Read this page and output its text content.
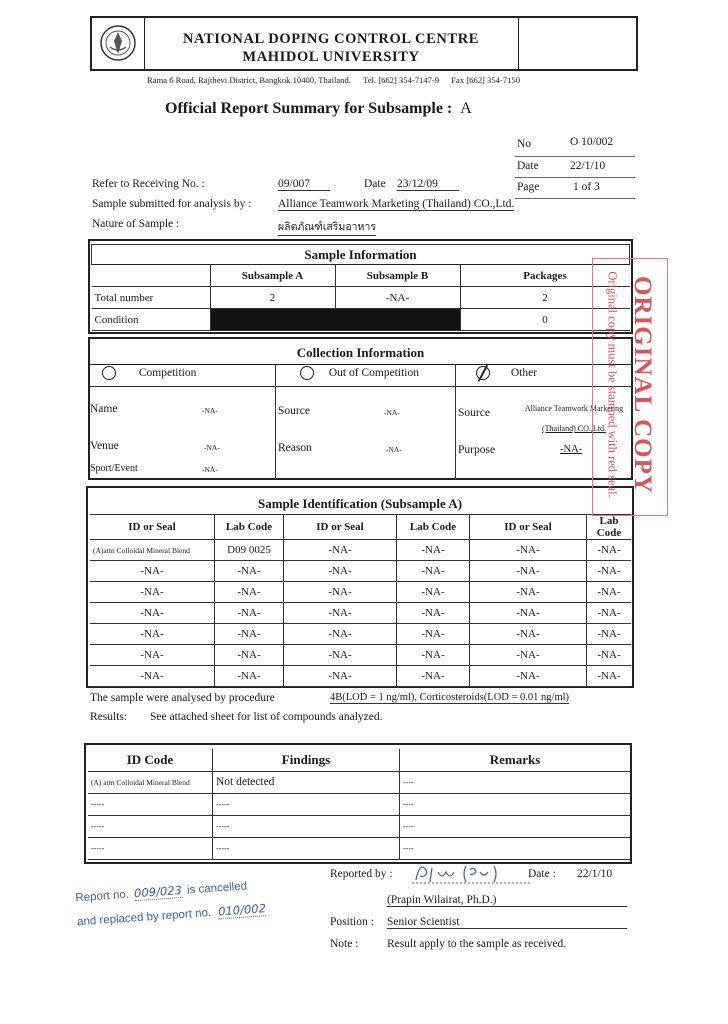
NATIONAL DOPING CONTROL CENTRE
MAHIDOL UNIVERSITY
Rama 6 Road, Rajthevi District, Bangkok 10400, Thailand. Tel. [662] 354-7147-9 Fax [662] 354-7150
Official Report Summary for Subsample : A
No	O 10/002
Date	22/1/10
Page	1 of 3
Refer to Receiving No. :	09/007	Date 23/12/09
Sample submitted for analysis by : Alliance Teamwork Marketing (Thailand) CO.,Ltd.
Nature of Sample :	ผลิตภัณฑ์เสริมอาหาร
Sample Information			
	Subsample A	Subsample B	Packages
Total number	2	-NA-	2
Condition			0
Collection Information
Competition	Out of Competition	Other
Name	-NA-
Venue	-NA-
Sport/Event	-NA-
Source	-NA-
Reason	-NA-
Source	Alliance Teamwork Marketing
(Thailand) CO.,Ltd.
Purpose	-NA-
Sample Identification (Subsample A)
ID or Seal	Lab Code	ID or Seal	Lab Code	ID or Seal	Lab Code
(A)atm Colloidal Mineral Blend	D09 0025	-NA-	-NA-	-NA-	-NA-
-NA-	-NA-	-NA-	-NA-	-NA-	-NA-
-NA-	-NA-	-NA-	-NA-	-NA-	-NA-
-NA-	-NA-	-NA-	-NA-	-NA-	-NA-
-NA-	-NA-	-NA-	-NA-	-NA-	-NA-
-NA-	-NA-	-NA-	-NA-	-NA-	-NA-
-NA-	-NA-	-NA-	-NA-	-NA-	-NA-
The sample were analysed by procedure	4B(LOD = 1 ng/ml), Corticosteroids(LOD = 0.01 ng/ml)
Results: See attached sheet for list of compounds analyzed.
ID Code	Findings	Remarks
(A) atm Colloidal Mineral Blend	Not detected	----
-----	-----	----
-----	-----	----
-----	-----	----
Original copy must be stamped with red seal. ORIGINAL COPY
Report no. 009/023 is cancelled
and replaced by report no. 010/002
Reported by :	Date : 22/1/10
(Prapin Wilairat, Ph.D.)
Position : Senior Scientist
Note : Result apply to the sample as received.
